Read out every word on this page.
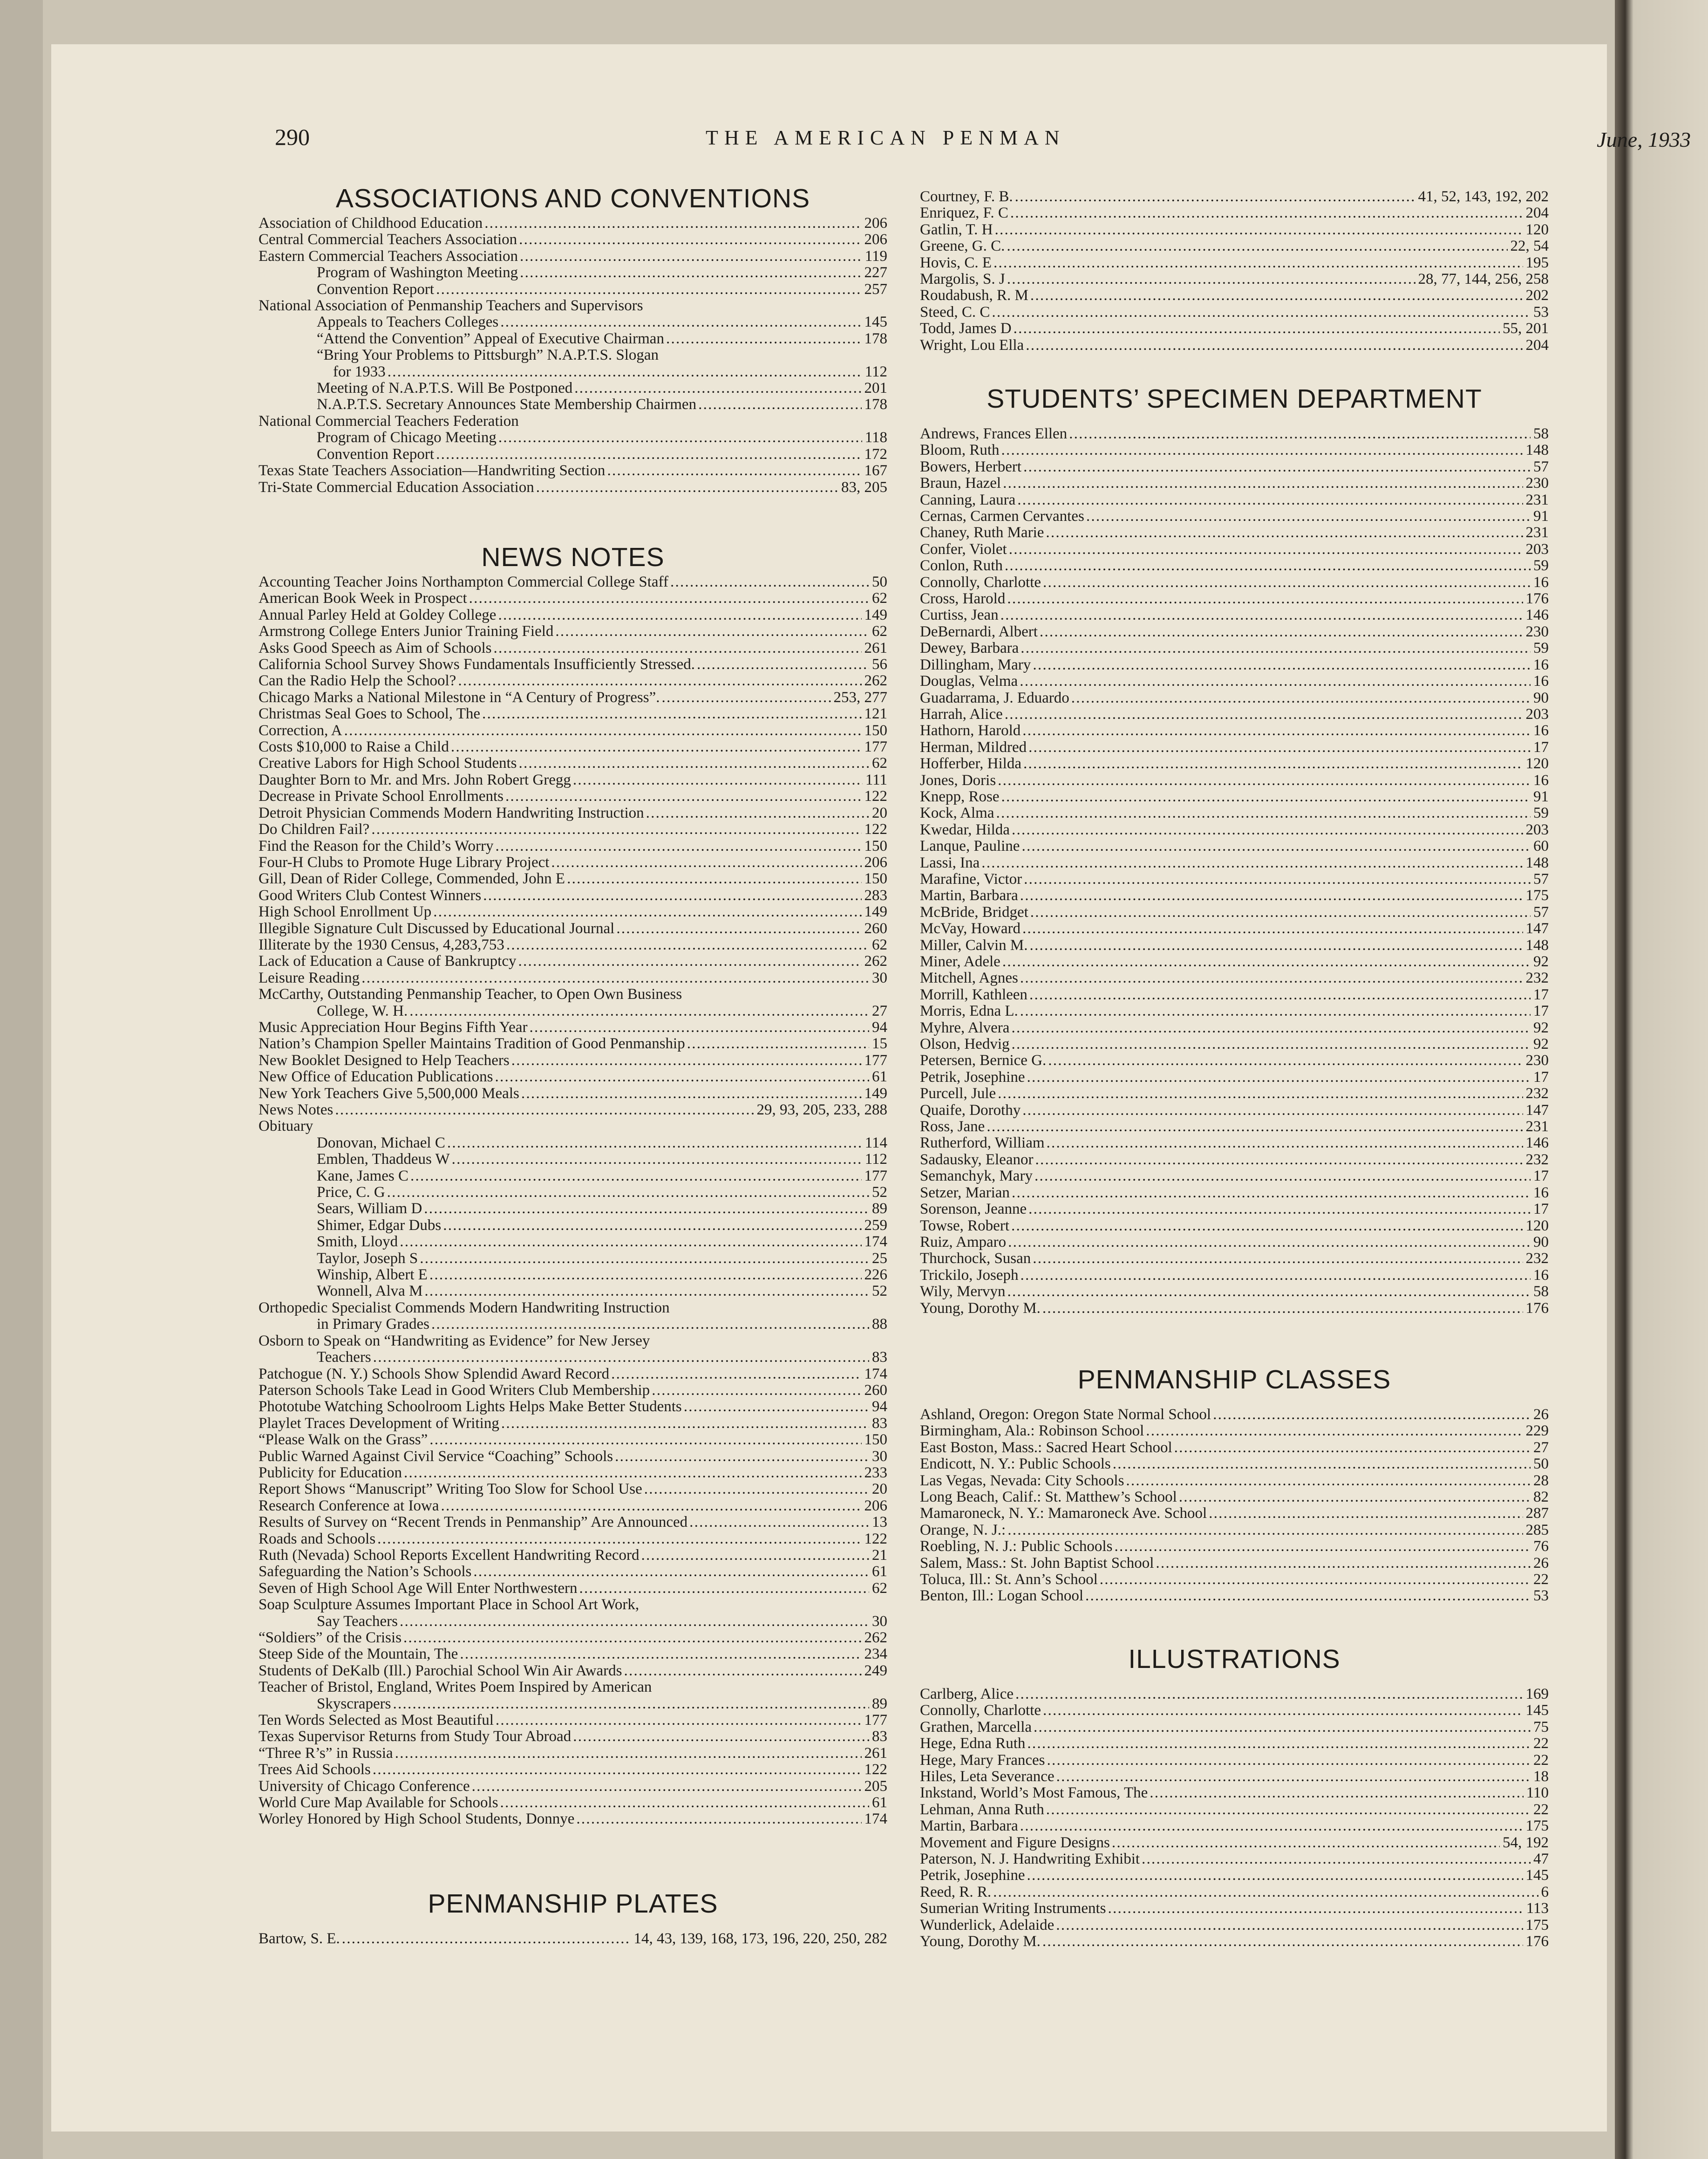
290	THE AMERICAN PENMAN	June, 1933
ASSOCIATIONS AND CONVENTIONS
Association of Childhood Education . . .	206
Central Commercial Teachers Association . . .	206
Eastern Commercial Teachers Association . . .	119
Program of Washington Meeting . . .	227
Convention Report . . .	257
National Association of Penmanship Teachers and Supervisors
Appeals to Teachers Colleges . . .	145
“Attend the Convention” Appeal of Executive Chairman . . .	178
“Bring Your Problems to Pittsburgh” N.A.P.T.S. Slogan
for 1933 . . .	112
Meeting of N.A.P.T.S. Will Be Postponed . . .	201
N.A.P.T.S. Secretary Announces State Membership Chairmen . . .	178
National Commercial Teachers Federation
Program of Chicago Meeting . . .	118
Convention Report . . .	172
Texas State Teachers Association—Handwriting Section . . .	167
Tri-State Commercial Education Association . . .	83, 205
NEWS NOTES
Accounting Teacher Joins Northampton Commercial College Staff . . .	50
American Book Week in Prospect . . .	62
Annual Parley Held at Goldey College . . .	149
Armstrong College Enters Junior Training Field . . .	62
Asks Good Speech as Aim of Schools . . .	261
California School Survey Shows Fundamentals Insufficiently Stressed. . . .	56
Can the Radio Help the School? . . .	262
Chicago Marks a National Milestone in “A Century of Progress”. . . .	253, 277
Christmas Seal Goes to School, The . . .	121
Correction, A . . .	150
Costs $10,000 to Raise a Child . . .	177
Creative Labors for High School Students . . .	62
Daughter Born to Mr. and Mrs. John Robert Gregg . . .	111
Decrease in Private School Enrollments . . .	122
Detroit Physician Commends Modern Handwriting Instruction . . .	20
Do Children Fail? . . .	122
Find the Reason for the Child’s Worry . . .	150
Four-H Clubs to Promote Huge Library Project . . .	206
Gill, Dean of Rider College, Commended, John E . . .	150
Good Writers Club Contest Winners . . .	283
High School Enrollment Up . . .	149
Illegible Signature Cult Discussed by Educational Journal . . .	260
Illiterate by the 1930 Census, 4,283,753 . . .	62
Lack of Education a Cause of Bankruptcy . . .	262
Leisure Reading . . .	30
McCarthy, Outstanding Penmanship Teacher, to Open Own Business
College, W. H. . . .	27
Music Appreciation Hour Begins Fifth Year . . .	94
Nation’s Champion Speller Maintains Tradition of Good Penmanship . . .	15
New Booklet Designed to Help Teachers . . .	177
New Office of Education Publications . . .	61
New York Teachers Give 5,500,000 Meals . . .	149
News Notes . . .	29, 93, 205, 233, 288
Obituary
Donovan, Michael C . . .	114
Emblen, Thaddeus W . . .	112
Kane, James C . . .	177
Price, C. G . . .	52
Sears, William D . . .	89
Shimer, Edgar Dubs . . .	259
Smith, Lloyd . . .	174
Taylor, Joseph S . . .	25
Winship, Albert E . . .	226
Wonnell, Alva M . . .	52
Orthopedic Specialist Commends Modern Handwriting Instruction
in Primary Grades . . .	88
Osborn to Speak on “Handwriting as Evidence” for New Jersey
Teachers . . .	83
Patchogue (N. Y.) Schools Show Splendid Award Record . . .	174
Paterson Schools Take Lead in Good Writers Club Membership . . .	260
Phototube Watching Schoolroom Lights Helps Make Better Students . . .	94
Playlet Traces Development of Writing . . .	83
“Please Walk on the Grass” . . .	150
Public Warned Against Civil Service “Coaching” Schools . . .	30
Publicity for Education . . .	233
Report Shows “Manuscript” Writing Too Slow for School Use . . .	20
Research Conference at Iowa . . .	206
Results of Survey on “Recent Trends in Penmanship” Are Announced . . .	13
Roads and Schools . . .	122
Ruth (Nevada) School Reports Excellent Handwriting Record . . .	21
Safeguarding the Nation’s Schools . . .	61
Seven of High School Age Will Enter Northwestern . . .	62
Soap Sculpture Assumes Important Place in School Art Work,
Say Teachers . . .	30
“Soldiers” of the Crisis . . .	262
Steep Side of the Mountain, The . . .	234
Students of DeKalb (Ill.) Parochial School Win Air Awards . . .	249
Teacher of Bristol, England, Writes Poem Inspired by American
Skyscrapers . . .	89
Ten Words Selected as Most Beautiful . . .	177
Texas Supervisor Returns from Study Tour Abroad . . .	83
“Three R’s” in Russia . . .	261
Trees Aid Schools . . .	122
University of Chicago Conference . . .	205
World Cure Map Available for Schools . . .	61
Worley Honored by High School Students, Donnye . . .	174
PENMANSHIP PLATES
Bartow, S. E. . . .	14, 43, 139, 168, 173, 196, 220, 250, 282
Courtney, F. B. . . .	41, 52, 143, 192, 202
Enriquez, F. C . . .	204
Gatlin, T. H . . .	120
Greene, G. C. . . .	22, 54
Hovis, C. E . . .	195
Margolis, S. J . . .	28, 77, 144, 256, 258
Roudabush, R. M . . .	202
Steed, C. C . . .	53
Todd, James D . . .	55, 201
Wright, Lou Ella . . .	204
STUDENTS’ SPECIMEN DEPARTMENT
Andrews, Frances Ellen . . .	58
Bloom, Ruth . . .	148
Bowers, Herbert . . .	57
Braun, Hazel . . .	230
Canning, Laura . . .	231
Cernas, Carmen Cervantes . . .	91
Chaney, Ruth Marie . . .	231
Confer, Violet . . .	203
Conlon, Ruth . . .	59
Connolly, Charlotte . . .	16
Cross, Harold . . .	176
Curtiss, Jean . . .	146
DeBernardi, Albert . . .	230
Dewey, Barbara . . .	59
Dillingham, Mary . . .	16
Douglas, Velma . . .	16
Guadarrama, J. Eduardo . . .	90
Harrah, Alice . . .	203
Hathorn, Harold . . .	16
Herman, Mildred . . .	17
Hofferber, Hilda . . .	120
Jones, Doris . . .	16
Knepp, Rose . . .	91
Kock, Alma . . .	59
Kwedar, Hilda . . .	203
Lanque, Pauline . . .	60
Lassi, Ina . . .	148
Marafine, Victor . . .	57
Martin, Barbara . . .	175
McBride, Bridget . . .	57
McVay, Howard . . .	147
Miller, Calvin M. . . .	148
Miner, Adele . . .	92
Mitchell, Agnes . . .	232
Morrill, Kathleen . . .	17
Morris, Edna L. . . .	17
Myhre, Alvera . . .	92
Olson, Hedvig . . .	92
Petersen, Bernice G. . . .	230
Petrik, Josephine . . .	17
Purcell, Jule . . .	232
Quaife, Dorothy . . .	147
Ross, Jane . . .	231
Rutherford, William . . .	146
Sadausky, Eleanor . . .	232
Semanchyk, Mary . . .	17
Setzer, Marian . . .	16
Sorenson, Jeanne . . .	17
Towse, Robert . . .	120
Ruiz, Amparo . . .	90
Thurchock, Susan . . .	232
Trickilo, Joseph . . .	16
Wily, Mervyn . . .	58
Young, Dorothy M. . . .	176
PENMANSHIP CLASSES
Ashland, Oregon: Oregon State Normal School . . .	26
Birmingham, Ala.: Robinson School . . .	229
East Boston, Mass.: Sacred Heart School . . .	27
Endicott, N. Y.: Public Schools . . .	50
Las Vegas, Nevada: City Schools . . .	28
Long Beach, Calif.: St. Matthew’s School . . .	82
Mamaroneck, N. Y.: Mamaroneck Ave. School . . .	287
Orange, N. J.: . . .	285
Roebling, N. J.: Public Schools . . .	76
Salem, Mass.: St. John Baptist School . . .	26
Toluca, Ill.: St. Ann’s School . . .	22
Benton, Ill.: Logan School . . .	53
ILLUSTRATIONS
Carlberg, Alice . . .	169
Connolly, Charlotte . . .	145
Grathen, Marcella . . .	75
Hege, Edna Ruth . . .	22
Hege, Mary Frances . . .	22
Hiles, Leta Severance . . .	18
Inkstand, World’s Most Famous, The . . .	110
Lehman, Anna Ruth . . .	22
Martin, Barbara . . .	175
Movement and Figure Designs . . .	54, 192
Paterson, N. J. Handwriting Exhibit . . .	47
Petrik, Josephine . . .	145
Reed, R. R. . . .	6
Sumerian Writing Instruments . . .	113
Wunderlick, Adelaide . . .	175
Young, Dorothy M. . . .	176
